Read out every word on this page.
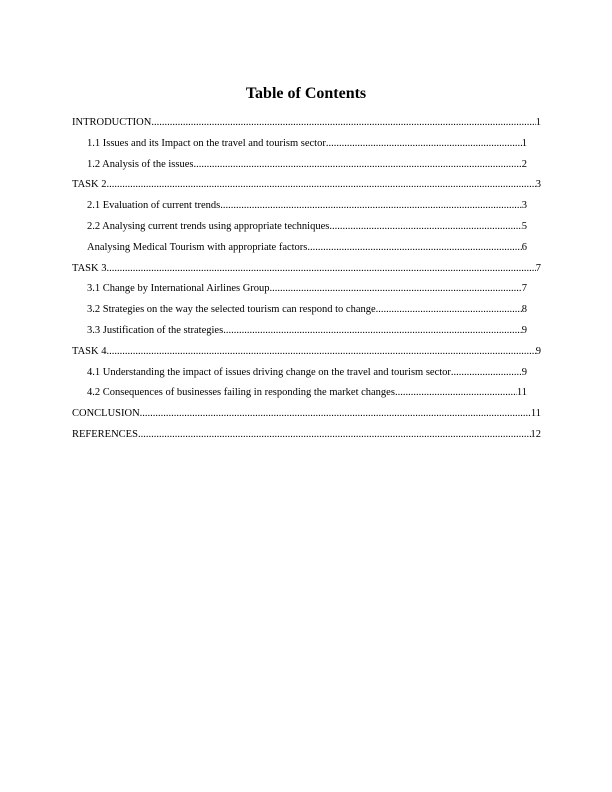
Table of Contents
INTRODUCTION .....	1
1.1 Issues and its Impact on the travel and tourism sector .....	1
1.2 Analysis of the issues .....	2
TASK 2 .....	3
2.1 Evaluation of current trends .....	3
2.2 Analysing current trends using appropriate techniques .....	5
Analysing Medical Tourism with appropriate factors .....	6
TASK 3 .....	7
3.1 Change by International Airlines Group .....	7
3.2 Strategies on the way the selected tourism can respond to change .....	8
3.3 Justification of the strategies .....	9
TASK 4 .....	9
4.1 Understanding the impact of issues driving change on the travel and tourism sector .....	9
4.2 Consequences of businesses failing in responding the market changes .....	11
CONCLUSION .....	11
REFERENCES .....	12
